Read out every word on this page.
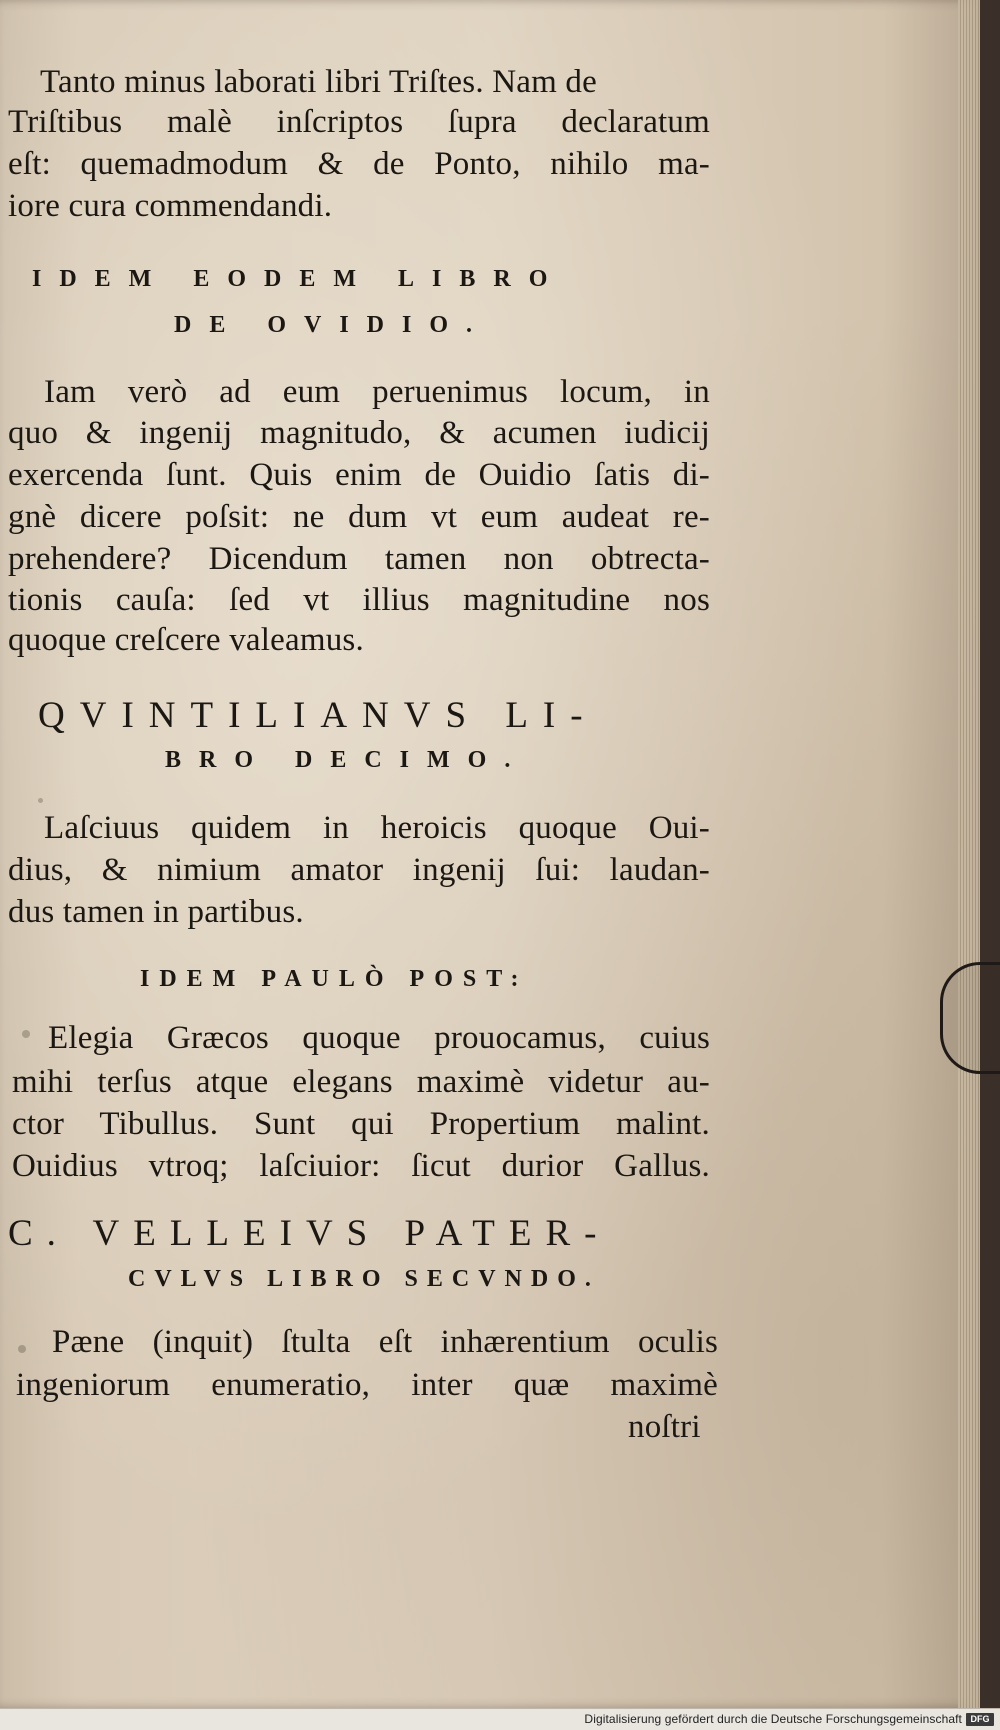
Tanto minus laborati libri Triſtes. Nam de
Triſtibus malè inſcriptos ſupra declaratum
eſt: quemadmodum & de Ponto, nihilo ma-
iore cura commendandi.
IDEM EODEM LIBRO
DE OVIDIO.
Iam verò ad eum peruenimus locum, in
quo & ingenij magnitudo, & acumen iudicij
exercenda ſunt. Quis enim de Ouidio ſatis di-
gnè dicere poſsit: ne dum vt eum audeat re-
prehendere? Dicendum tamen non obtrecta-
tionis cauſa: ſed vt illius magnitudine nos
quoque creſcere valeamus.
QVINTILIANVS LI-
BRO DECIMO.
Laſciuus quidem in heroicis quoque Oui-
dius, & nimium amator ingenij ſui: laudan-
dus tamen in partibus.
IDEM PAULÒ POST:
Elegia Græcos quoque prouocamus, cuius
mihi terſus atque elegans maximè videtur au-
ctor Tibullus. Sunt qui Propertium malint.
Ouidius vtroq; laſciuior: ſicut durior Gallus.
C. VELLEIVS PATER-
CVLVS LIBRO SECVNDO.
Pæne (inquit) ſtulta eſt inhærentium oculis
ingeniorum enumeratio, inter quæ maximè
noſtri
Digitalisierung gefördert durch die Deutsche Forschungsgemeinschaft DFG
